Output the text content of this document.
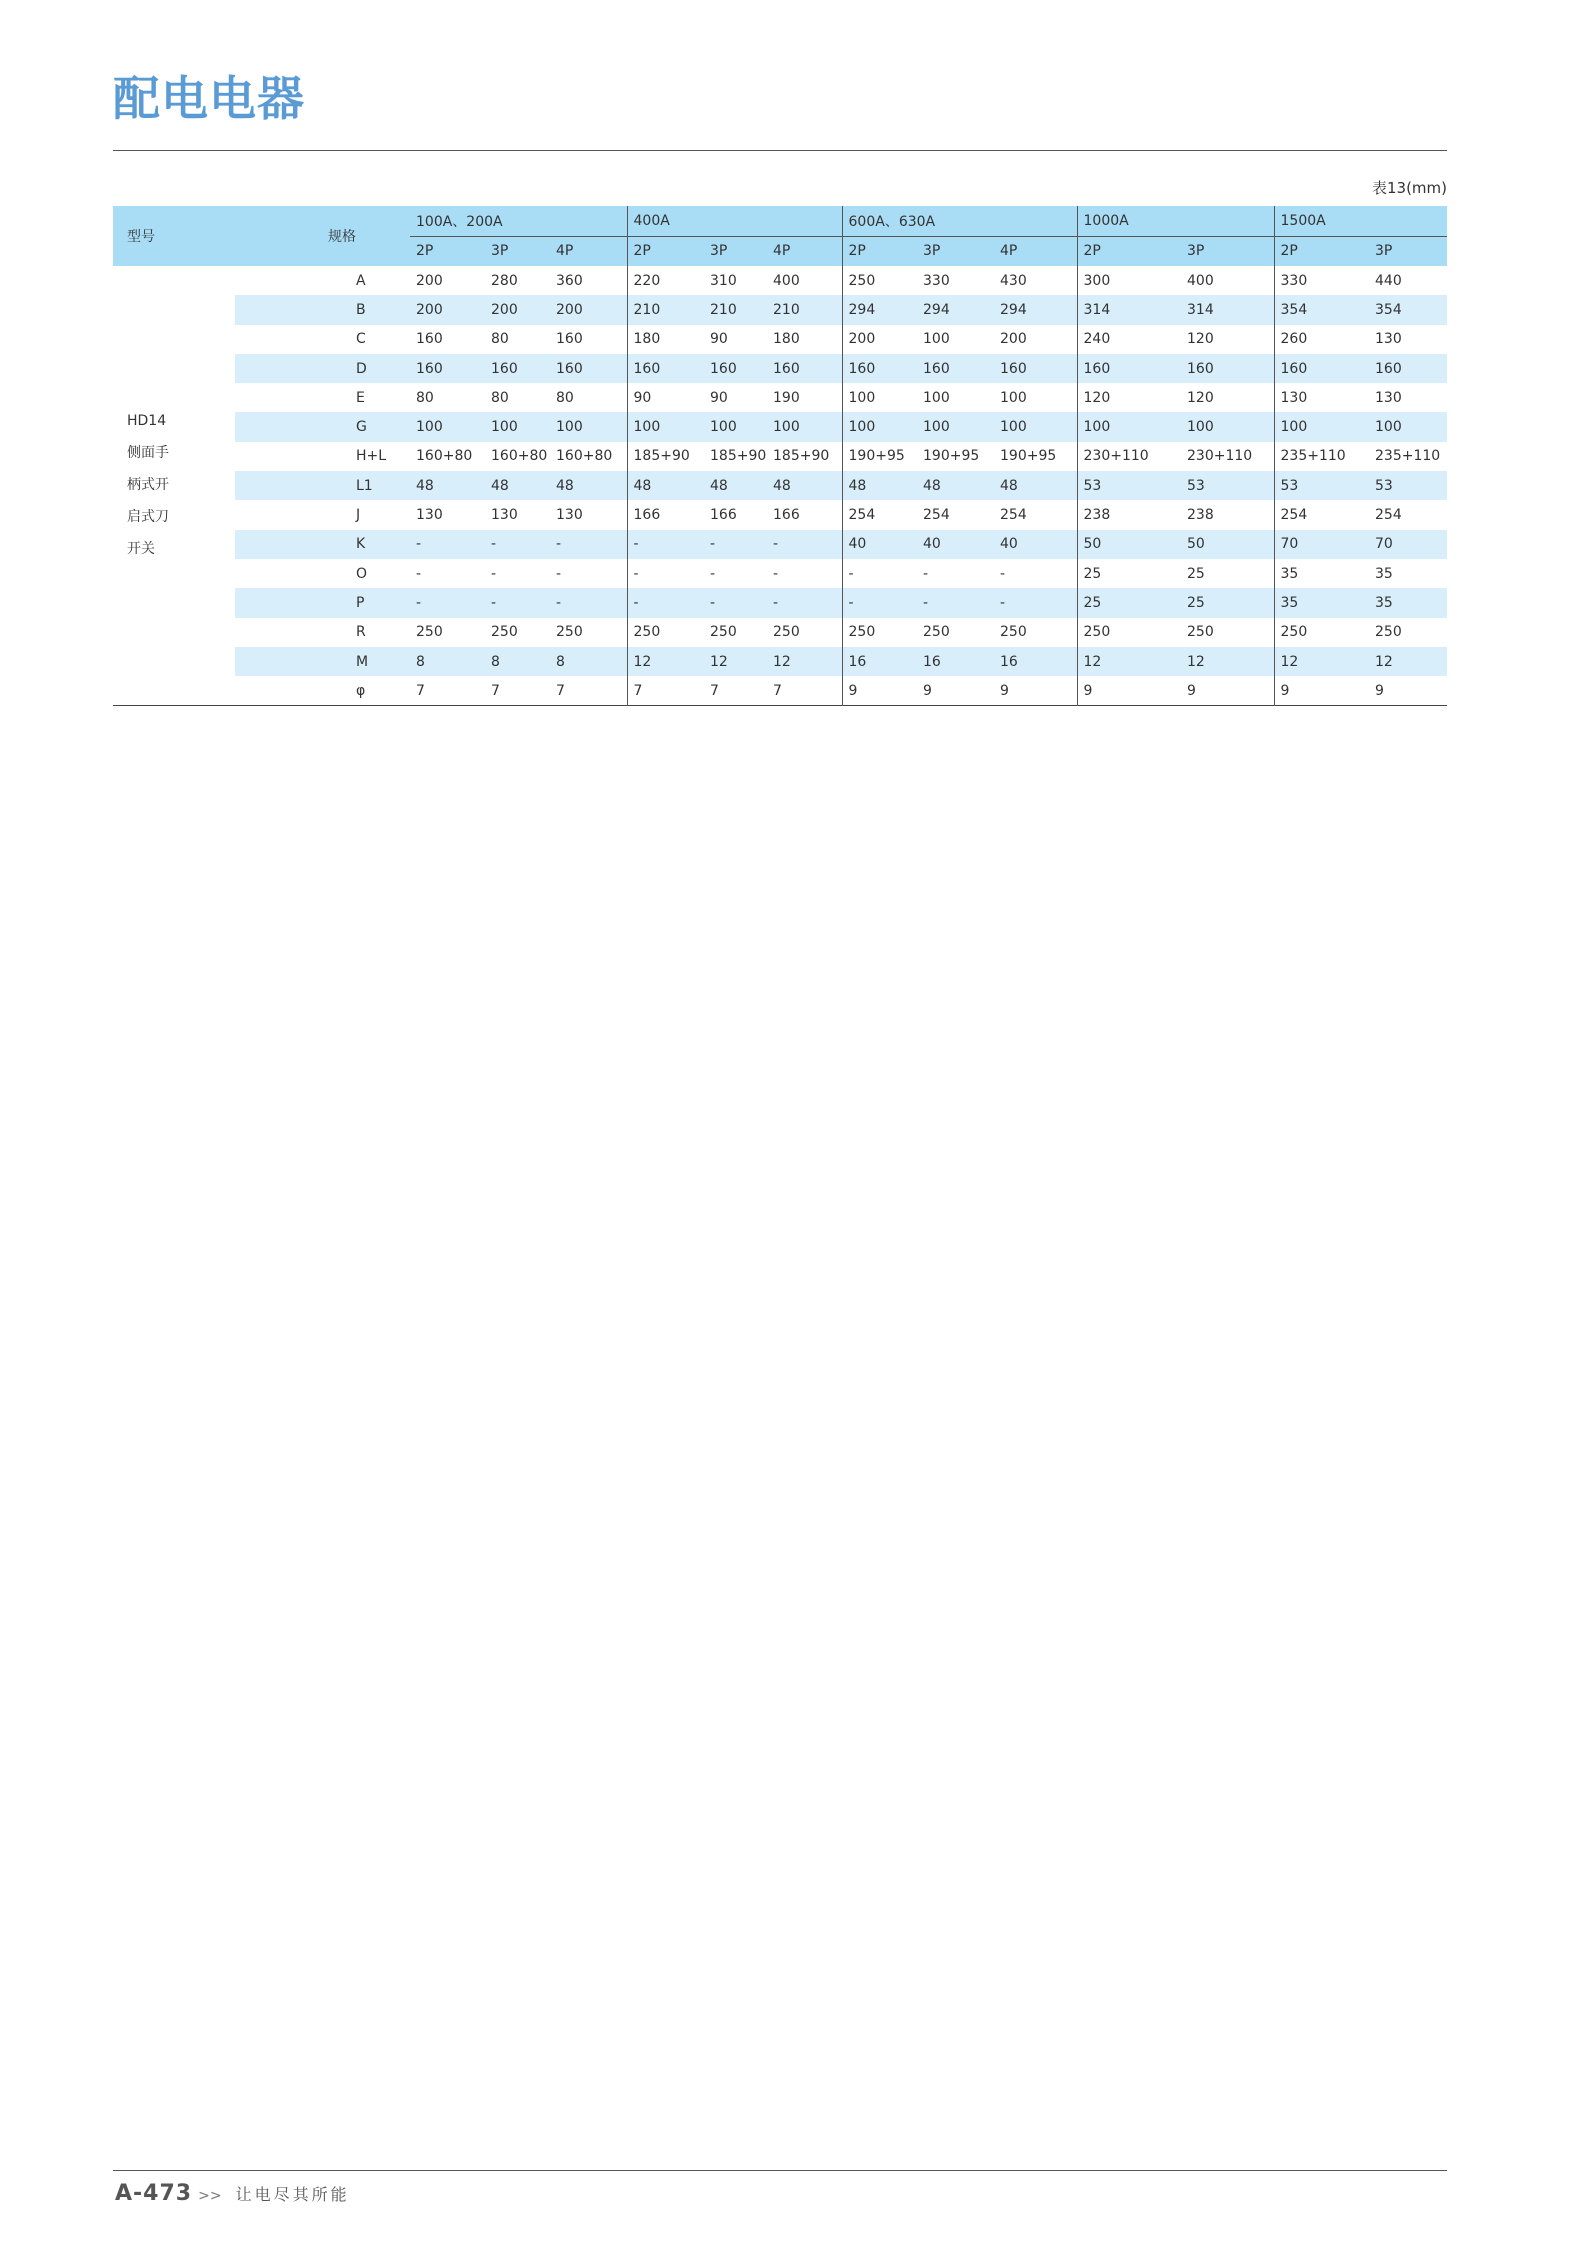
配电电器
表13(mm)
型号		规格	100A、200A			400A			600A、630A			1000A		1500A	
			2P	3P	4P	2P	3P	4P	2P	3P	4P	2P	3P	2P	3P

HD14
侧面手
柄式开
启式刀
开关		A	200	280	360	220	310	400	250	330	430	300	400	330	440
		B	200	200	200	210	210	210	294	294	294	314	314	354	354
		C	160	80	160	180	90	180	200	100	200	240	120	260	130
		D	160	160	160	160	160	160	160	160	160	160	160	160	160
		E	80	80	80	90	90	190	100	100	100	120	120	130	130
		G	100	100	100	100	100	100	100	100	100	100	100	100	100
		H+L	160+80	160+80	160+80	185+90	185+90	185+90	190+95	190+95	190+95	230+110	230+110	235+110	235+110
		L1	48	48	48	48	48	48	48	48	48	53	53	53	53
		J	130	130	130	166	166	166	254	254	254	238	238	254	254
		K	-	-	-	-	-	-	40	40	40	50	50	70	70
		O	-	-	-	-	-	-	-	-	-	25	25	35	35
		P	-	-	-	-	-	-	-	-	-	25	25	35	35
		R	250	250	250	250	250	250	250	250	250	250	250	250	250
		M	8	8	8	12	12	12	16	16	16	12	12	12	12
		φ	7	7	7	7	7	7	9	9	9	9	9	9	9
A-473 >> 让电尽其所能
